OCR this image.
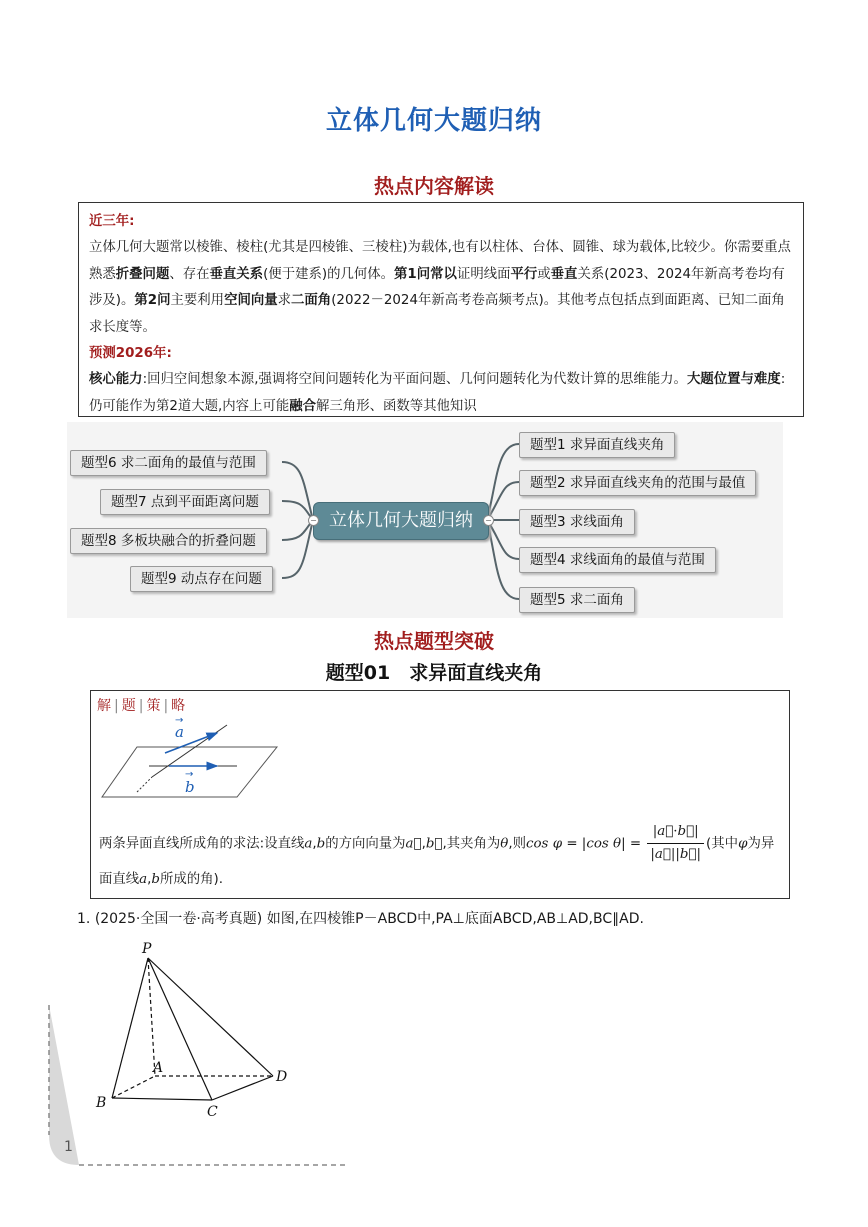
立体几何大题归纳
热点内容解读
近三年:
立体几何大题常以棱锥、棱柱(尤其是四棱锥、三棱柱)为载体,也有以柱体、台体、圆锥、球为载体,比较少。你需要重点熟悉折叠问题、存在垂直关系(便于建系)的几何体。第1问常以证明线面平行或垂直关系(2023、2024年新高考卷均有涉及)。第2问主要利用空间向量求二面角(2022－2024年新高考卷高频考点)。其他考点包括点到面距离、已知二面角求长度等。
预测2026年:
核心能力:回归空间想象本源,强调将空间问题转化为平面问题、几何问题转化为代数计算的思维能力。大题位置与难度:仍可能作为第2道大题,内容上可能融合解三角形、函数等其他知识
立体几何大题归纳
−	−
题型1 求异面直线夹角
题型2 求异面直线夹角的范围与最值
题型3 求线面角
题型4 求线面角的最值与范围
题型5 求二面角
题型6 求二面角的最值与范围
题型7 点到平面距离问题
题型8 多板块融合的折叠问题
题型9 动点存在问题
热点题型突破
题型01　求异面直线夹角
解 | 题 | 策 | 略
a
→
b
→
两条异面直线所成角的求法:设直线a,b的方向向量为a⃗,b⃗,其夹角为θ,则cos φ = |cos $\theta| = \frac{|a⃗\cdot b⃗|}{|a⃗||b⃗|}$ (其中φ为异面直线a,b所成的角).
1. (2025·全国一卷·高考真题) 如图,在四棱锥P－ABCD中,PA⊥底面ABCD,AB⊥AD,BC∥AD.
P
A
B
C
D
1
